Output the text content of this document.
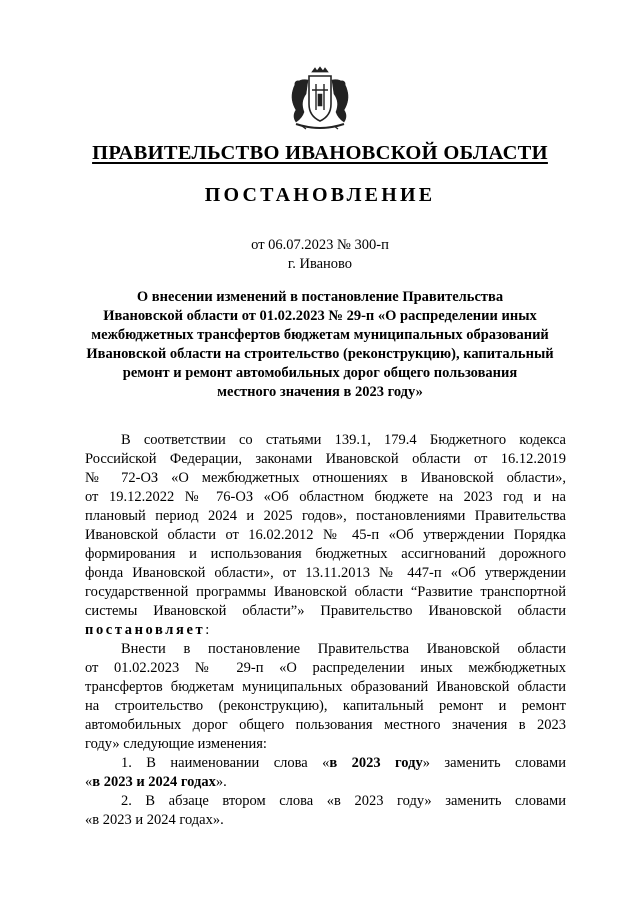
ПРАВИТЕЛЬСТВО ИВАНОВСКОЙ ОБЛАСТИ
ПОСТАНОВЛЕНИЕ
от 06.07.2023 № 300-п
г. Иваново
О внесении изменений в постановление Правительства
Ивановской области от 01.02.2023 № 29-п «О распределении иных
межбюджетных трансфертов бюджетам муниципальных образований
Ивановской области на строительство (реконструкцию), капитальный
ремонт и ремонт автомобильных дорог общего пользования
местного значения в 2023 году»
В соответствии со статьями 139.1, 179.4 Бюджетного кодекса
Российской Федерации, законами Ивановской области от 16.12.2019
№ 72-ОЗ «О межбюджетных отношениях в Ивановской области»,
от 19.12.2022 № 76-ОЗ «Об областном бюджете на 2023 год и на
плановый период 2024 и 2025 годов», постановлениями Правительства
Ивановской области от 16.02.2012 № 45-п «Об утверждении Порядка
формирования и использования бюджетных ассигнований дорожного
фонда Ивановской области», от 13.11.2013 № 447-п «Об утверждении
государственной программы Ивановской области “Развитие транспортной
системы Ивановской области”» Правительство Ивановской области
постановляет:
Внести в постановление Правительства Ивановской области
от 01.02.2023 № 29-п «О распределении иных межбюджетных
трансфертов бюджетам муниципальных образований Ивановской области
на строительство (реконструкцию), капитальный ремонт и ремонт
автомобильных дорог общего пользования местного значения в 2023
году» следующие изменения:
1. В наименовании слова «в 2023 году» заменить словами
«в 2023 и 2024 годах».
2. В абзаце втором слова «в 2023 году» заменить словами
«в 2023 и 2024 годах».
